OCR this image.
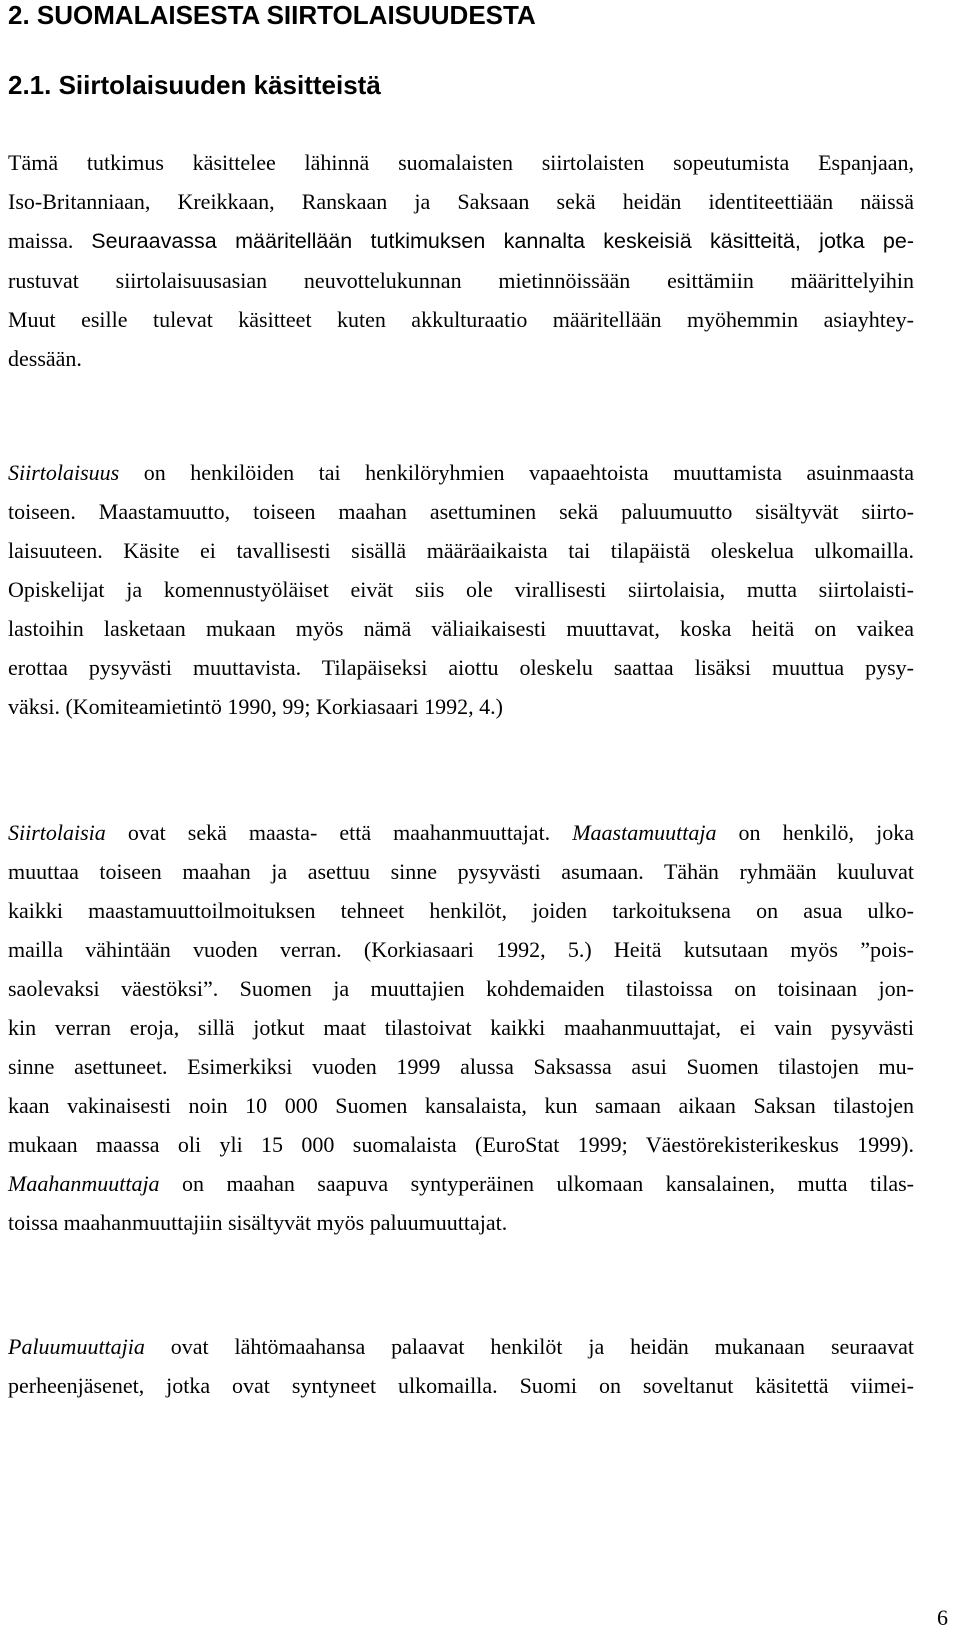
2. SUOMALAISESTA SIIRTOLAISUUDESTA
2.1. Siirtolaisuuden käsitteistä
Tämä tutkimus käsittelee lähinnä suomalaisten siirtolaisten sopeutumista Espanjaan,
Iso-Britanniaan, Kreikkaan, Ranskaan ja Saksaan sekä heidän identiteettiään näissä
maissa. Seuraavassa määritellään tutkimuksen kannalta keskeisiä käsitteitä, jotka pe-
rustuvat siirtolaisuusasian neuvottelukunnan mietinnöissään esittämiin määrittelyihin
Muut esille tulevat käsitteet kuten akkulturaatio määritellään myöhemmin asiayhtey-
dessään.
Siirtolaisuus on henkilöiden tai henkilöryhmien vapaaehtoista muuttamista asuinmaasta
toiseen. Maastamuutto, toiseen maahan asettuminen sekä paluumuutto sisältyvät siirto-
laisuuteen. Käsite ei tavallisesti sisällä määräaikaista tai tilapäistä oleskelua ulkomailla.
Opiskelijat ja komennustyöläiset eivät siis ole virallisesti siirtolaisia, mutta siirtolaisti-
lastoihin lasketaan mukaan myös nämä väliaikaisesti muuttavat, koska heitä on vaikea
erottaa pysyvästi muuttavista. Tilapäiseksi aiottu oleskelu saattaa lisäksi muuttua pysy-
väksi. (Komiteamietintö 1990, 99; Korkiasaari 1992, 4.)
Siirtolaisia ovat sekä maasta- että maahanmuuttajat. Maastamuuttaja on henkilö, joka
muuttaa toiseen maahan ja asettuu sinne pysyvästi asumaan. Tähän ryhmään kuuluvat
kaikki maastamuuttoilmoituksen tehneet henkilöt, joiden tarkoituksena on asua ulko-
mailla vähintään vuoden verran. (Korkiasaari 1992, 5.) Heitä kutsutaan myös ”pois-
saolevaksi väestöksi”. Suomen ja muuttajien kohdemaiden tilastoissa on toisinaan jon-
kin verran eroja, sillä jotkut maat tilastoivat kaikki maahanmuuttajat, ei vain pysyvästi
sinne asettuneet. Esimerkiksi vuoden 1999 alussa Saksassa asui Suomen tilastojen mu-
kaan vakinaisesti noin 10 000 Suomen kansalaista, kun samaan aikaan Saksan tilastojen
mukaan maassa oli yli 15 000 suomalaista (EuroStat 1999; Väestörekisterikeskus 1999).
Maahanmuuttaja on maahan saapuva syntyperäinen ulkomaan kansalainen, mutta tilas-
toissa maahanmuuttajiin sisältyvät myös paluumuuttajat.
Paluumuuttajia ovat lähtömaahansa palaavat henkilöt ja heidän mukanaan seuraavat
perheenjäsenet, jotka ovat syntyneet ulkomailla. Suomi on soveltanut käsitettä viimei-

6
